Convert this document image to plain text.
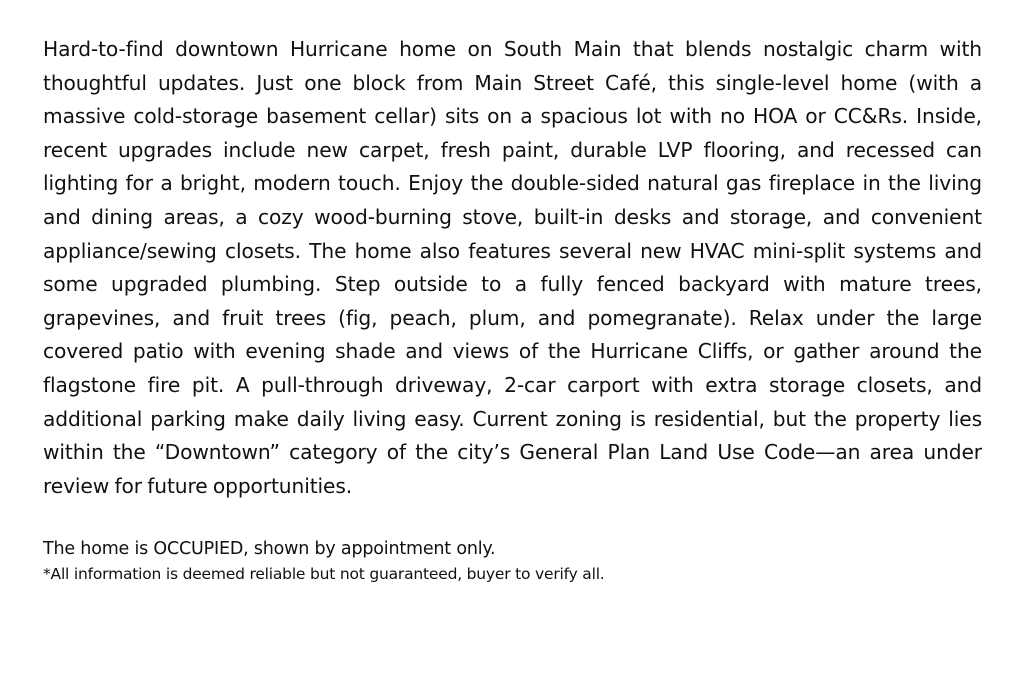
Hard-to-find downtown Hurricane home on South Main that blends nostalgic charm with thoughtful updates. Just one block from Main Street Café, this single-level home (with a massive cold-storage basement cellar) sits on a spacious lot with no HOA or CC&Rs. Inside, recent upgrades include new carpet, fresh paint, durable LVP flooring, and recessed can lighting for a bright, modern touch. Enjoy the double-sided natural gas fireplace in the living and dining areas, a cozy wood-burning stove, built-in desks and storage, and convenient appliance/sewing closets. The home also features several new HVAC mini-split systems and some upgraded plumbing. Step outside to a fully fenced backyard with mature trees, grapevines, and fruit trees (fig, peach, plum, and pomegranate). Relax under the large covered patio with evening shade and views of the Hurricane Cliffs, or gather around the flagstone fire pit. A pull-through driveway, 2-car carport with extra storage closets, and additional parking make daily living easy. Current zoning is residential, but the property lies within the “Downtown” category of the city’s General Plan Land Use Code—an area under review for future opportunities.

The home is OCCUPIED, shown by appointment only.

*All information is deemed reliable but not guaranteed, buyer to verify all.
